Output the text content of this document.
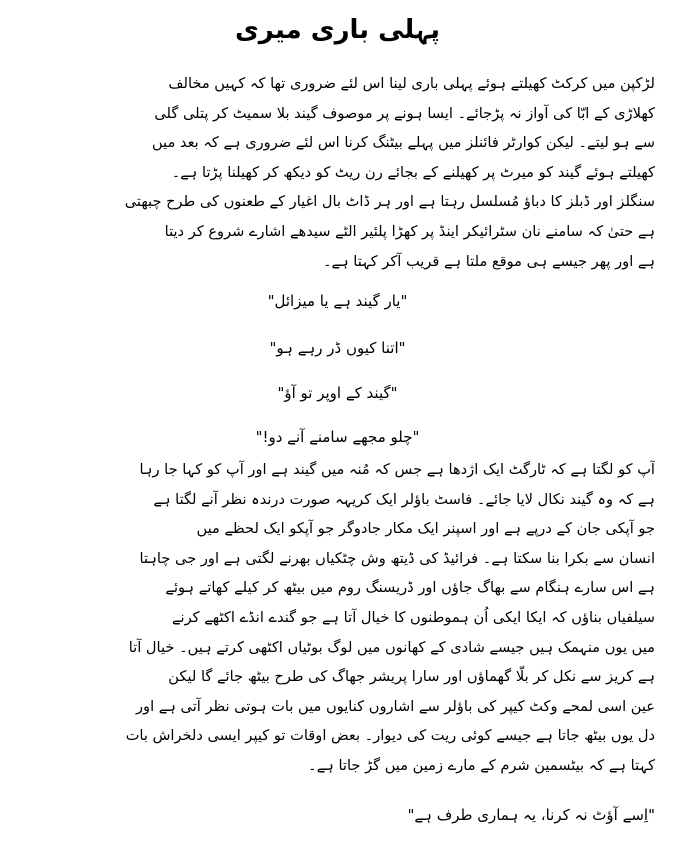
پہلی باری میری
لڑکپن میں کرکٹ کھیلتے ہوئے پہلی باری لینا اس لئے ضروری تھا کہ کہیں مخالف
کھلاڑی کے ابّا کی آواز نہ پڑجائے۔ ایسا ہونے پر موصوف گیند بلا سمیٹ کر پتلی گلی
سے ہو لیتے۔ لیکن کوارٹر فائنلز میں پہلے بیٹنگ کرنا اس لئے ضروری ہے کہ بعد میں
کھیلتے ہوئے گیند کو میرٹ پر کھیلنے کے بجائے رن ریٹ کو دیکھ کر کھیلنا پڑتا ہے۔
سنگلز اور ڈبلز کا دباؤ مُسلسل رہتا ہے اور ہر ڈاٹ بال اغیار کے طعنوں کی طرح چبھتی
ہے حتیٰ کہ سامنے نان سٹرائیکر اینڈ پر کھڑا پلئیر الٹے سیدھے اشارے شروع کر دیتا
ہے اور پھر جیسے ہی موقع ملتا ہے قریب آکر کہتا ہے۔
"یار گیند ہے یا میزائل"
"اتنا کیوں ڈر رہے ہو"
"گیند کے اوپر تو آؤ"
"چلو مجھے سامنے آنے دو!"
آپ کو لگتا ہے کہ ٹارگٹ ایک اژدھا ہے جس کہ مُنہ میں گیند ہے اور آپ کو کہا جا رہا
ہے کہ وہ گیند نکال لایا جائے۔ فاسٹ باؤلر ایک کریہہ صورت درندہ نظر آنے لگتا ہے
جو آپکی جان کے درپے ہے اور اسپنر ایک مکار جادوگر جو آپکو ایک لحظے میں
انسان سے بکرا بنا سکتا ہے۔ فرائیڈ کی ڈیتھ وش چٹکیاں بھرنے لگتی ہے اور جی چاہتا
ہے اس سارے ہنگام سے بھاگ جاؤں اور ڈریسنگ روم میں بیٹھ کر کیلے کھاتے ہوئے
سیلفیاں بناؤں کہ ایکا ایکی اُن ہموطنوں کا خیال آتا ہے جو گندے انڈے اکٹھے کرنے
میں یوں منہمک ہیں جیسے شادی کے کھانوں میں لوگ بوٹیاں اکٹھی کرتے ہیں۔ خیال آتا
ہے کریز سے نکل کر بلّا گھماؤں اور سارا پریشر جھاگ کی طرح بیٹھ جائے گا لیکن
عین اسی لمحے وکٹ کیپر کی باؤلر سے اشاروں کنایوں میں بات ہوتی نظر آتی ہے اور
دل یوں بیٹھ جاتا ہے جیسے کوئی ریت کی دیوار۔ بعض اوقات تو کیپر ایسی دلخراش بات
کہتا ہے کہ بیٹسمین شرم کے مارے زمین میں گڑ جاتا ہے۔
"اِسے آؤٹ نہ کرنا، یہ ہماری طرف ہے"
